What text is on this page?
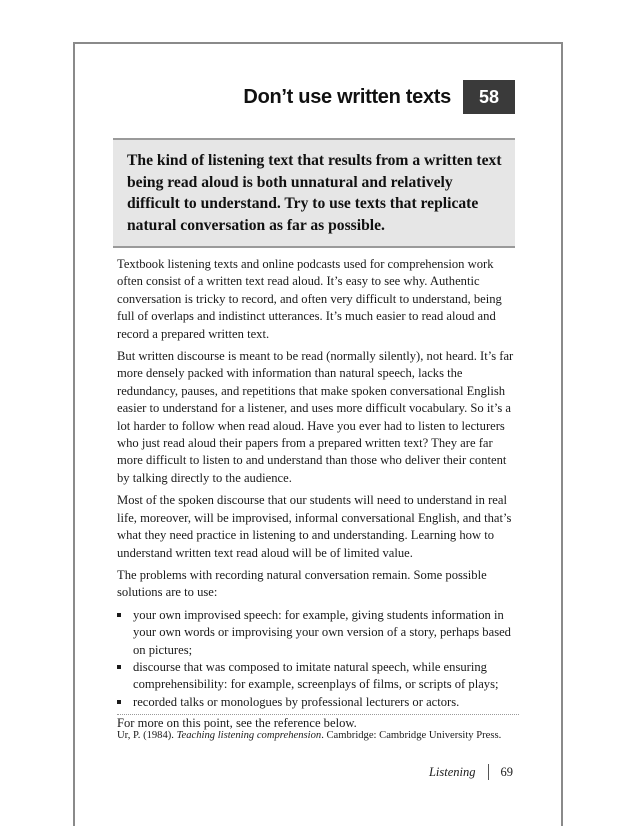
Don’t use written texts	58

The kind of listening text that results from a written text being read aloud is both unnatural and relatively difficult to understand. Try to use texts that replicate natural conversation as far as possible.

Textbook listening texts and online podcasts used for comprehension work often consist of a written text read aloud. It’s easy to see why. Authentic conversation is tricky to record, and often very difficult to understand, being full of overlaps and indistinct utterances. It’s much easier to read aloud and record a prepared written text.

But written discourse is meant to be read (normally silently), not heard. It’s far more densely packed with information than natural speech, lacks the redundancy, pauses, and repetitions that make spoken conversational English easier to understand for a listener, and uses more difficult vocabulary. So it’s a lot harder to follow when read aloud. Have you ever had to listen to lecturers who just read aloud their papers from a prepared written text? They are far more difficult to listen to and understand than those who deliver their content by talking directly to the audience.

Most of the spoken discourse that our students will need to understand in real life, moreover, will be improvised, informal conversational English, and that’s what they need practice in listening to and understanding. Learning how to understand written text read aloud will be of limited value.

The problems with recording natural conversation remain. Some possible solutions are to use:

your own improvised speech: for example, giving students information in your own words or improvising your own version of a story, perhaps based on pictures;
discourse that was composed to imitate natural speech, while ensuring comprehensibility: for example, screenplays of films, or scripts of plays;
recorded talks or monologues by professional lecturers or actors.

For more on this point, see the reference below.

Ur, P. (1984). Teaching listening comprehension. Cambridge: Cambridge University Press.
Listening 69
